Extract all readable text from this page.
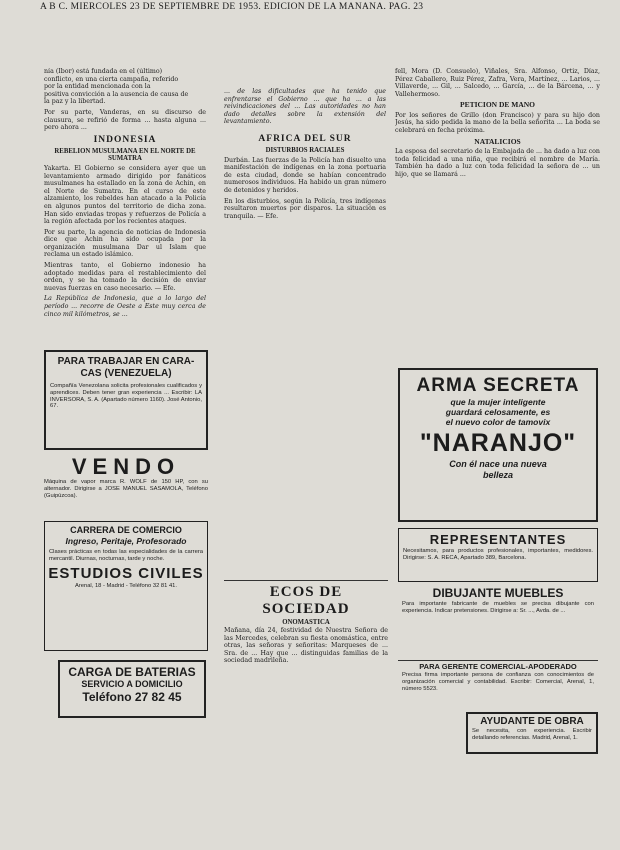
A B C. MIERCOLES 23 DE SEPTIEMBRE DE 1953. EDICION DE LA MAÑANA. PAG. 23

nía (Ibor) está fundada en el (último)

conflicto, en una cierta campaña, referido

por la entidad mencionada con la

positiva convicción a la ausencia de causa de

la paz y la libertad.

Por su parte, Vanderas, en su discurso de clausura, se refirió de forma ... hasta alguna ... pero ahora ...

INDONESIA
REBELION MUSULMANA EN EL NORTE DE SUMATRA

Yakarta. El Gobierno se considera ayer que un levantamiento armado dirigido por fanáticos musulmanes ha estallado en la zona de Achin, en el Norte de Sumatra. En el curso de este alzamiento, los rebeldes han atacado a la Policía en algunos puntos del territorio de dicha zona. Han sido enviadas tropas y refuerzos de Policía a la región afectada por los recientes ataques.

Por su parte, la agencia de noticias de Indonesia dice que Achin ha sido ocupada por la organización musulmana Dar ul Islam que reclama un estado islámico.

Mientras tanto, el Gobierno indonesio ha adoptado medidas para el restablecimiento del orden, y se ha tomado la decisión de enviar nuevas fuerzas en caso necesario. — Efe.

La República de Indonesia, que a lo largo del período ... recorre de Oeste a Este muy cerca de cinco mil kilómetros, se ...

... de las dificultades que ha tenido que enfrentarse el Gobierno ... que ha ... a las reivindicaciones del ... Las autoridades no han dado detalles sobre la extensión del levantamiento.

AFRICA DEL SUR
DISTURBIOS RACIALES

Durbán. Las fuerzas de la Policía han disuelto una manifestación de indígenas en la zona portuaria de esta ciudad, donde se habían concentrado numerosos individuos. Ha habido un gran número de detenidos y heridos.

En los disturbios, según la Policía, tres indígenas resultaron muertos por disparos. La situación es tranquila. — Efe.

fell, Mora (D. Consuelo), Viñales, Sra. Alfonso, Ortiz, Díaz, Pérez Caballero, Ruiz Pérez, Zafra, Vera, Martínez, ... Larios, ... Villaverde, ... Gil, ... Salcedo, ... García, ... de la Bárcena, ... y Vallehermoso.

PETICION DE MANO

Por los señores de Grillo (don Francisco) y para su hijo don Jesús, ha sido pedida la mano de la bella señorita ... La boda se celebrará en fecha próxima.

NATALICIOS

La esposa del secretario de la Embajada de ... ha dado a luz con toda felicidad a una niña, que recibirá el nombre de María. También ha dado a luz con toda felicidad la señora de ... un hijo, que se llamará ...

PARA TRABAJAR EN CARA-
CAS (VENEZUELA)
Compañía Venezolana solicita profesionales cualificados y aprendices. Deben tener gran experiencia ... Escribir: LA INVERSORA, S. A. (Apartado número 1160). José Antonio, 67.
VENDO
Máquina de vapor marca R. WOLF de 150 HP, con su alternador. Dirigirse a JOSE MANUEL SASAMOLA, Teléfono (Guipúzcoa).
CARRERA DE COMERCIO
Ingreso, Peritaje, Profesorado
Clases prácticas en todas las especialidades de la carrera mercantil. Diurnas, nocturnas, tarde y noche.
ESTUDIOS CIVILES
Arenal, 18 - Madrid - Teléfono 32 81 41.
CARGA DE BATERIAS
SERVICIO A DOMICILIO
Teléfono 27 82 45
ECOS DE SOCIEDAD
ONOMASTICA
Mañana, día 24, festividad de Nuestra Señora de las Mercedes, celebran su fiesta onomástica, entre otras, las señoras y señoritas: Marqueses de ... Sra. de ... Hay que ... distinguidas familias de la sociedad madrileña.
ARMA SECRETA
que la mujer inteligente
guardará celosamente, es
el nuevo color de tamovix
"NARANJO"
Con él nace una nueva
belleza
REPRESENTANTES
Necesitamos, para productos profesionales, importantes, medidores. Dirigirse: S. A. RECA, Apartado 389, Barcelona.
DIBUJANTE MUEBLES
Para importante fabricante de muebles se precisa dibujante con experiencia. Indicar pretensiones. Dirigirse a: Sr. ..., Avda. de ...
PARA GERENTE COMERCIAL-APODERADO
Precisa firma importante persona de confianza con conocimientos de organización comercial y contabilidad. Escribir: Comercial, Arenal, 1, número 5523.
AYUDANTE DE OBRA
Se necesita, con experiencia. Escribir detallando referencias. Madrid, Arenal, 1.
